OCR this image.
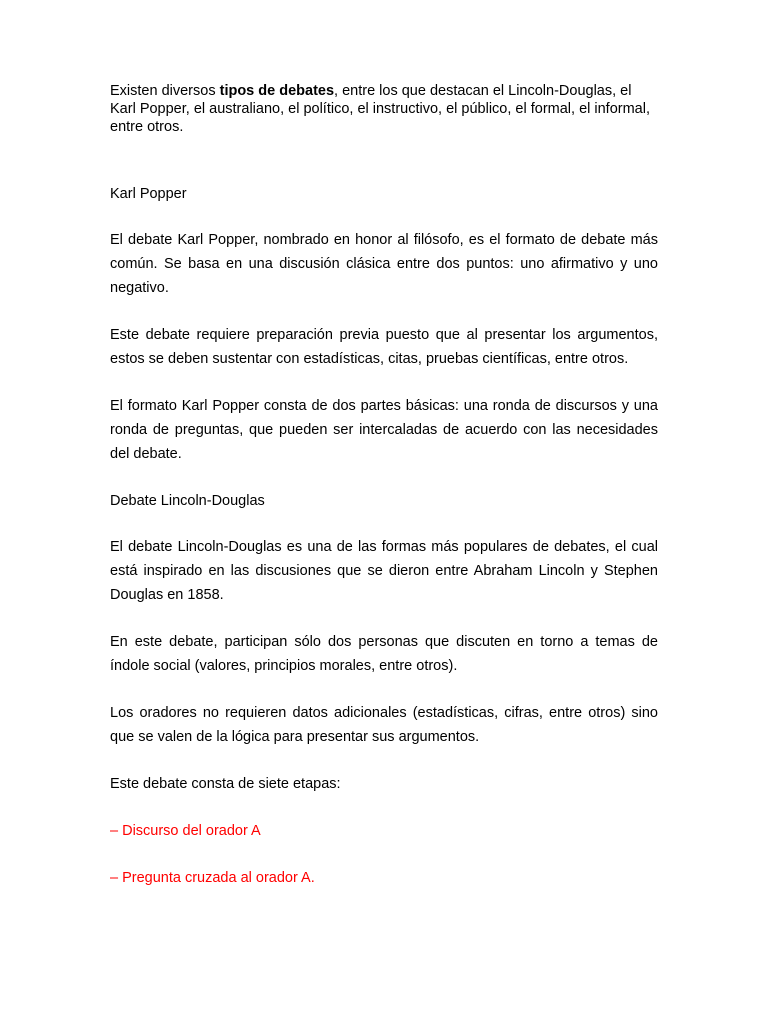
Existen diversos tipos de debates, entre los que destacan el Lincoln-Douglas, el Karl Popper, el australiano, el político, el instructivo, el público, el formal, el informal, entre otros.

Karl Popper

El debate Karl Popper, nombrado en honor al filósofo, es el formato de debate más común. Se basa en una discusión clásica entre dos puntos: uno afirmativo y uno negativo.

Este debate requiere preparación previa puesto que al presentar los argumentos, estos se deben sustentar con estadísticas, citas, pruebas científicas, entre otros.

El formato Karl Popper consta de dos partes básicas: una ronda de discursos y una ronda de preguntas, que pueden ser intercaladas de acuerdo con las necesidades del debate.

Debate Lincoln-Douglas

El debate Lincoln-Douglas es una de las formas más populares de debates, el cual está inspirado en las discusiones que se dieron entre Abraham Lincoln y Stephen Douglas en 1858.

En este debate, participan sólo dos personas que discuten en torno a temas de índole social (valores, principios morales, entre otros).

Los oradores no requieren datos adicionales (estadísticas, cifras, entre otros) sino que se valen de la lógica para presentar sus argumentos.

Este debate consta de siete etapas:

– Discurso del orador A

– Pregunta cruzada al orador A.
